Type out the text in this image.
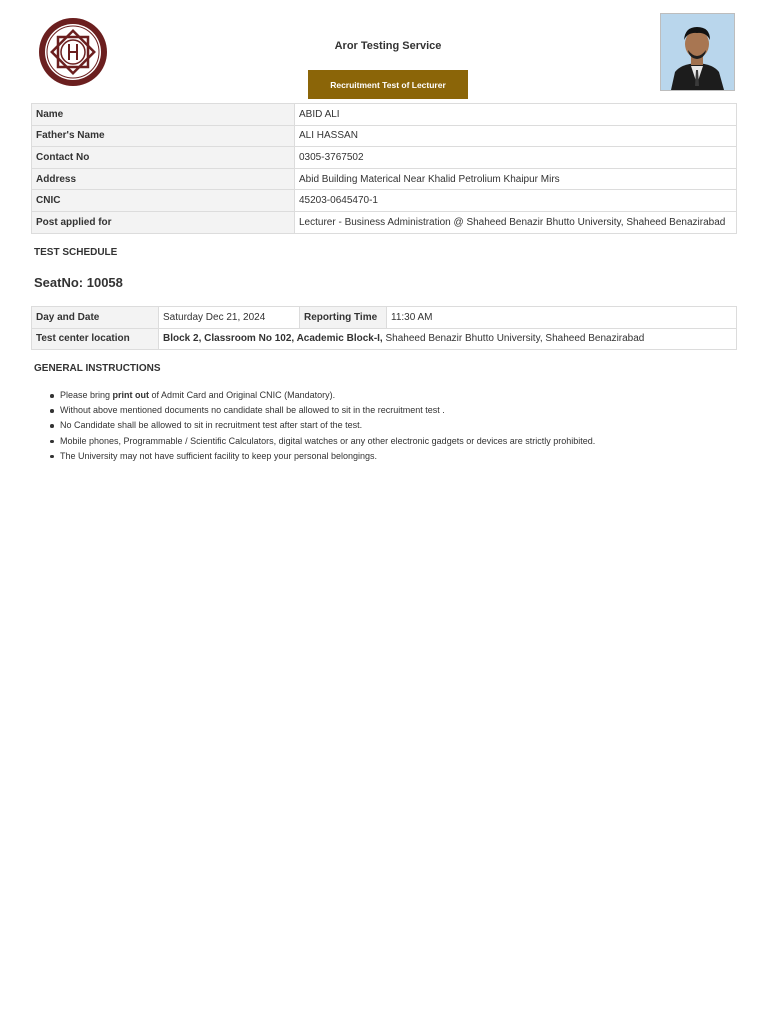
Aror Testing Service
Recruitment Test of Lecturer
Name	ABID ALI
Father's Name	ALI HASSAN
Contact No	0305-3767502
Address	Abid Building Materical Near Khalid Petrolium Khaipur Mirs
CNIC	45203-0645470-1
Post applied for	Lecturer - Business Administration @ Shaheed Benazir Bhutto University, Shaheed Benazirabad
TEST SCHEDULE
SeatNo: 10058
Day and Date	Saturday Dec 21, 2024	Reporting Time	11:30 AM
Test center location	Block 2, Classroom No 102, Academic Block-I, Shaheed Benazir Bhutto University, Shaheed Benazirabad		
GENERAL INSTRUCTIONS
Please bring print out of Admit Card and Original CNIC (Mandatory).
Without above mentioned documents no candidate shall be allowed to sit in the recruitment test .
No Candidate shall be allowed to sit in recruitment test after start of the test.
Mobile phones, Programmable / Scientific Calculators, digital watches or any other electronic gadgets or devices are strictly prohibited.
The University may not have sufficient facility to keep your personal belongings.
